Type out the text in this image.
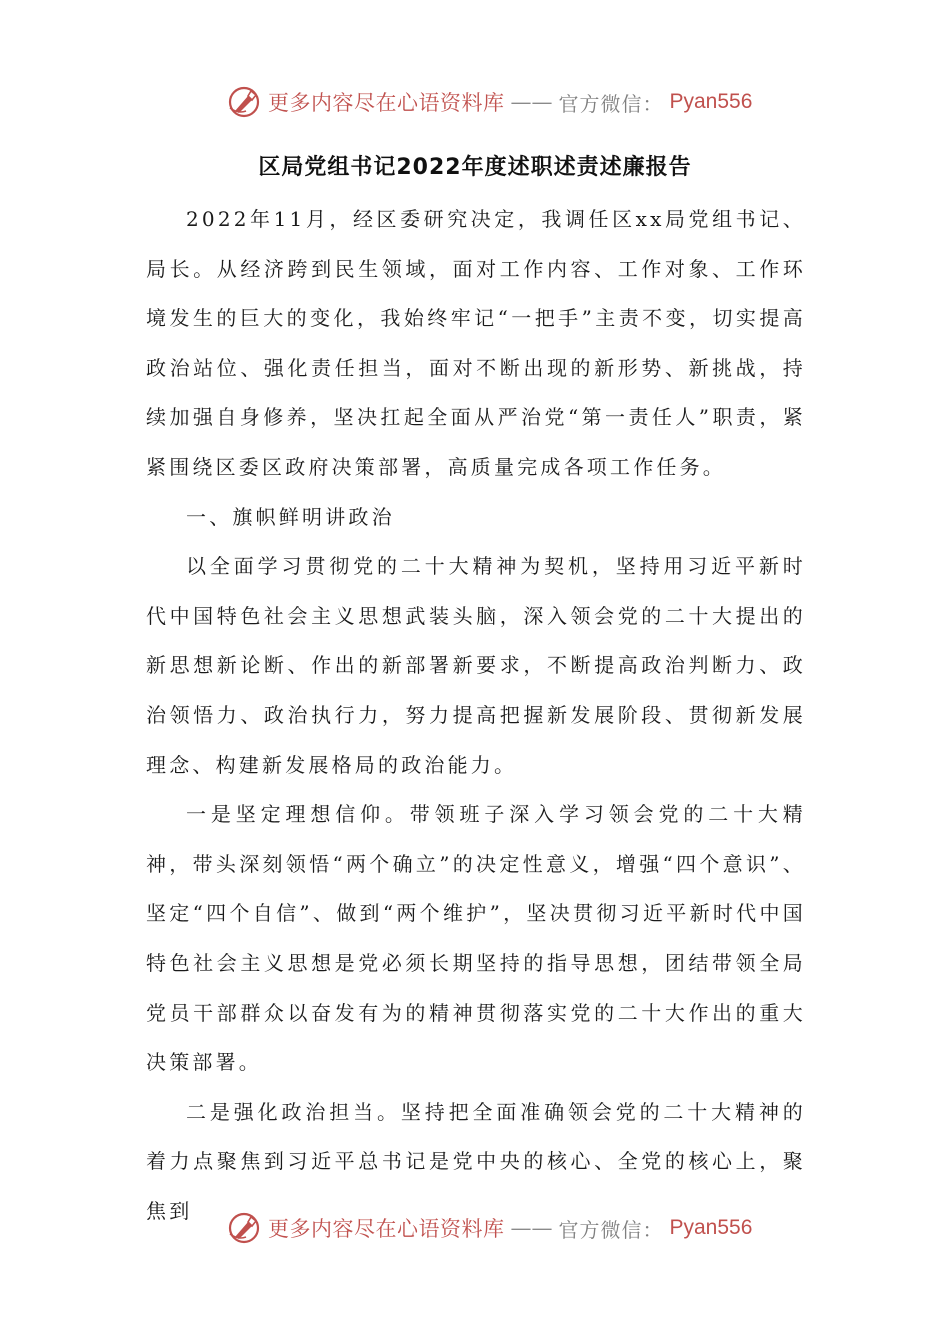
更多内容尽在心语资料库 —— 官方微信： Pyan556
区局党组书记2022年度述职述责述廉报告

2022年11月，经区委研究决定，我调任区xx局党组书记、局长。从经济跨到民生领域，面对工作内容、工作对象、工作环境发生的巨大的变化，我始终牢记“一把手”主责不变，切实提高政治站位、强化责任担当，面对不断出现的新形势、新挑战，持续加强自身修养，坚决扛起全面从严治党“第一责任人”职责，紧紧围绕区委区政府决策部署，高质量完成各项工作任务。

一、旗帜鲜明讲政治

以全面学习贯彻党的二十大精神为契机，坚持用习近平新时代中国特色社会主义思想武装头脑，深入领会党的二十大提出的新思想新论断、作出的新部署新要求，不断提高政治判断力、政治领悟力、政治执行力，努力提高把握新发展阶段、贯彻新发展理念、构建新发展格局的政治能力。

一是坚定理想信仰。带领班子深入学习领会党的二十大精神，带头深刻领悟“两个确立”的决定性意义，增强“四个意识”、坚定“四个自信”、做到“两个维护”，坚决贯彻习近平新时代中国特色社会主义思想是党必须长期坚持的指导思想，团结带领全局党员干部群众以奋发有为的精神贯彻落实党的二十大作出的重大决策部署。

二是强化政治担当。坚持把全面准确领会党的二十大精神的着力点聚焦到习近平总书记是党中央的核心、全党的核心上，聚焦到

更多内容尽在心语资料库 —— 官方微信： Pyan556
